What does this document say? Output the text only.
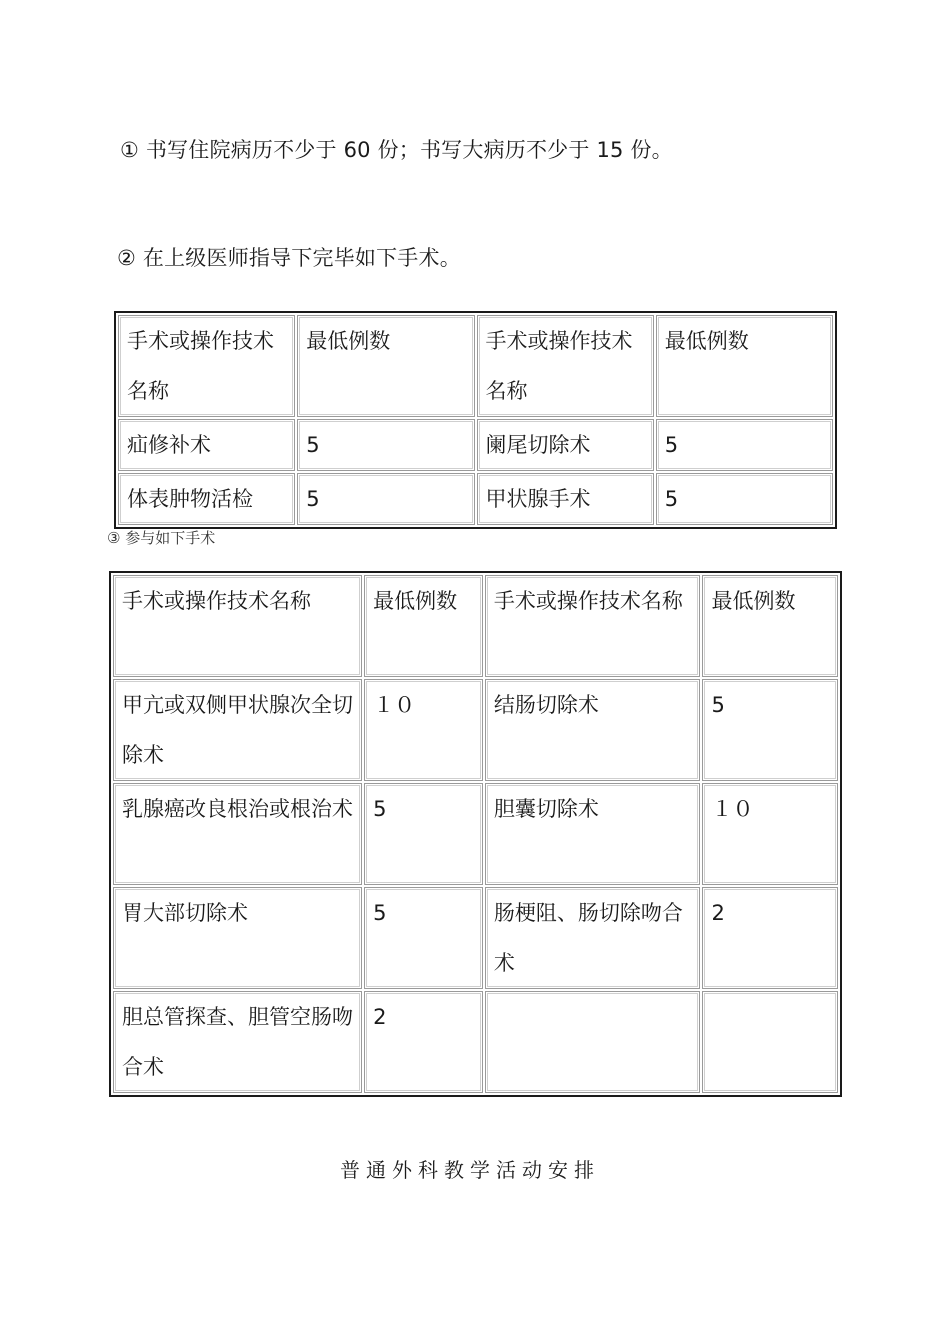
① 书写住院病历不少于 60 份；书写大病历不少于 15 份。
② 在上级医师指导下完毕如下手术。
手术或操作技术名称	最低例数	手术或操作技术名称	最低例数

疝修补术	5	阑尾切除术	5

体表肿物活检	5	甲状腺手术	5
③ 参与如下手术
手术或操作技术名称	最低例数	手术或操作技术名称	最低例数

甲亢或双侧甲状腺次全切除术	１０	结肠切除术	5

乳腺癌改良根治或根治术	5	胆囊切除术	１０

胃大部切除术	5	肠梗阻、肠切除吻合术	2

胆总管探查、胆管空肠吻合术	2		

普通外科教学活动安排
